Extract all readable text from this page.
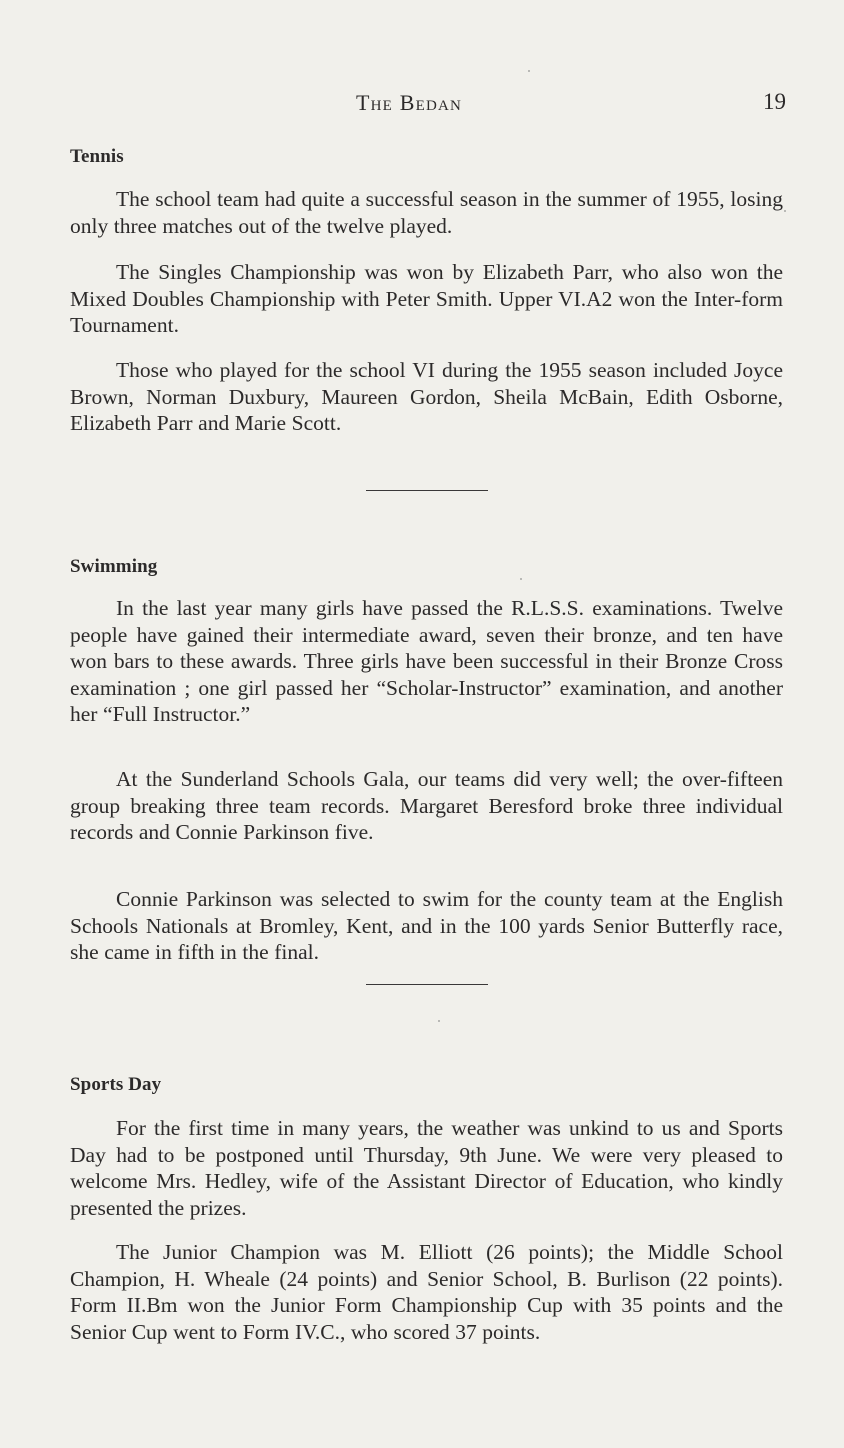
The Bedan	19
Tennis

The school team had quite a successful season in the summer of 1955, losing only three matches out of the twelve played.

The Singles Championship was won by Elizabeth Parr, who also won the Mixed Doubles Championship with Peter Smith. Upper VI.A2 won the Inter-form Tournament.

Those who played for the school VI during the 1955 season included Joyce Brown, Norman Duxbury, Maureen Gordon, Sheila McBain, Edith Osborne, Elizabeth Parr and Marie Scott.

Swimming

In the last year many girls have passed the R.L.S.S. examinations. Twelve people have gained their intermediate award, seven their bronze, and ten have won bars to these awards. Three girls have been successful in their Bronze Cross examination ; one girl passed her “Scholar-Instructor” examination, and another her “Full Instructor.”

At the Sunderland Schools Gala, our teams did very well; the over-fifteen group breaking three team records. Margaret Beresford broke three individual records and Connie Parkinson five.

Connie Parkinson was selected to swim for the county team at the English Schools Nationals at Bromley, Kent, and in the 100 yards Senior Butterfly race, she came in fifth in the final.

Sports Day

For the first time in many years, the weather was unkind to us and Sports Day had to be postponed until Thursday, 9th June. We were very pleased to welcome Mrs. Hedley, wife of the Assistant Director of Education, who kindly presented the prizes.

The Junior Champion was M. Elliott (26 points); the Middle School Champion, H. Wheale (24 points) and Senior School, B. Burlison (22 points). Form II.Bm won the Junior Form Championship Cup with 35 points and the Senior Cup went to Form IV.C., who scored 37 points.
